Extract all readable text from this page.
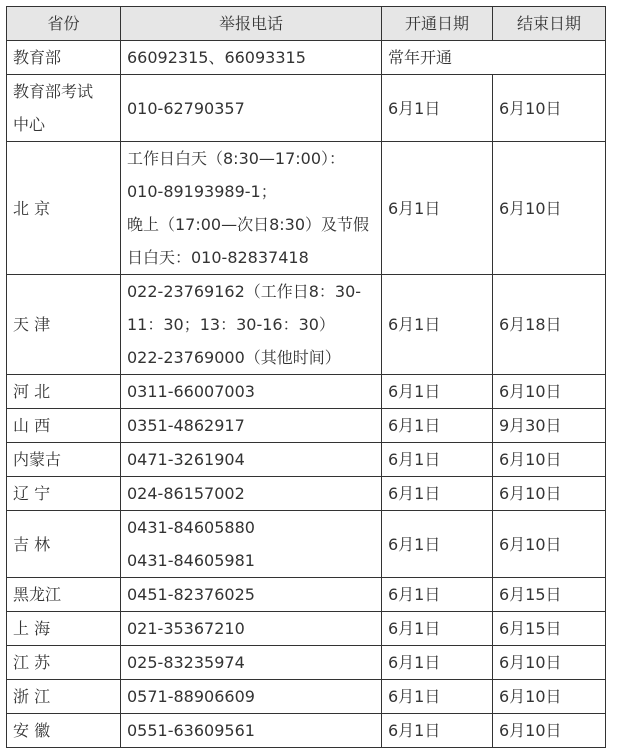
省份	举报电话	开通日期	结束日期

教育部	66092315、66093315	常年开通	

教育部考试
中心	010-62790357	6月1日	6月10日

北 京	工作日白天（8:30—17:00）：
010-89193989-1；
晚上（17:00—次日8:30）及节假
日白天：010-82837418	6月1日	6月10日

天 津	022-23769162（工作日8：30-
11：30；13：30-16：30）
022-23769000（其他时间）	6月1日	6月18日

河 北	0311-66007003	6月1日	6月10日

山 西	0351-4862917	6月1日	9月30日

内蒙古	0471-3261904	6月1日	6月10日

辽 宁	024-86157002	6月1日	6月10日

吉 林	0431-84605880
0431-84605981	6月1日	6月10日

黑龙江	0451-82376025	6月1日	6月15日

上 海	021-35367210	6月1日	6月15日

江 苏	025-83235974	6月1日	6月10日

浙 江	0571-88906609	6月1日	6月10日

安 徽	0551-63609561	6月1日	6月10日
